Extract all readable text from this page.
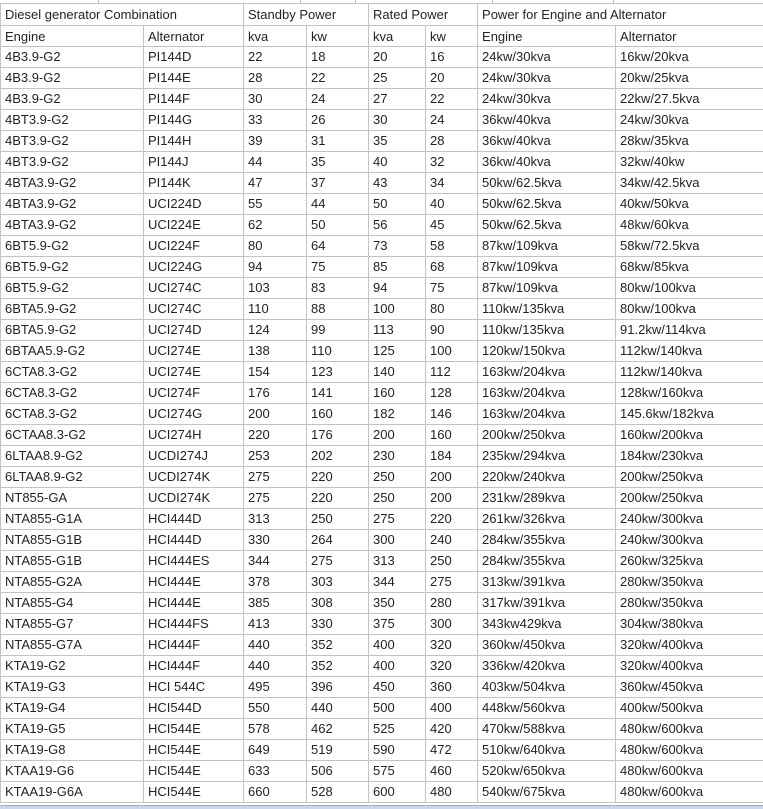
Diesel generator Combination		Standby Power		Rated Power		Power for Engine and Alternator	
Engine	Alternator	kva	kw	kva	kw	Engine	Alternator
4B3.9-G2	PI144D	22	18	20	16	24kw/30kva	16kw/20kva
4B3.9-G2	PI144E	28	22	25	20	24kw/30kva	20kw/25kva
4B3.9-G2	PI144F	30	24	27	22	24kw/30kva	22kw/27.5kva
4BT3.9-G2	PI144G	33	26	30	24	36kw/40kva	24kw/30kva
4BT3.9-G2	PI144H	39	31	35	28	36kw/40kva	28kw/35kva
4BT3.9-G2	PI144J	44	35	40	32	36kw/40kva	32kw/40kw
4BTA3.9-G2	PI144K	47	37	43	34	50kw/62.5kva	34kw/42.5kva
4BTA3.9-G2	UCI224D	55	44	50	40	50kw/62.5kva	40kw/50kva
4BTA3.9-G2	UCI224E	62	50	56	45	50kw/62.5kva	48kw/60kva
6BT5.9-G2	UCI224F	80	64	73	58	87kw/109kva	58kw/72.5kva
6BT5.9-G2	UCI224G	94	75	85	68	87kw/109kva	68kw/85kva
6BT5.9-G2	UCI274C	103	83	94	75	87kw/109kva	80kw/100kva
6BTA5.9-G2	UCI274C	110	88	100	80	110kw/135kva	80kw/100kva
6BTA5.9-G2	UCI274D	124	99	113	90	110kw/135kva	91.2kw/114kva
6BTAA5.9-G2	UCI274E	138	110	125	100	120kw/150kva	112kw/140kva
6CTA8.3-G2	UCI274E	154	123	140	112	163kw/204kva	112kw/140kva
6CTA8.3-G2	UCI274F	176	141	160	128	163kw/204kva	128kw/160kva
6CTA8.3-G2	UCI274G	200	160	182	146	163kw/204kva	145.6kw/182kva
6CTAA8.3-G2	UCI274H	220	176	200	160	200kw/250kva	160kw/200kva
6LTAA8.9-G2	UCDI274J	253	202	230	184	235kw/294kva	184kw/230kva
6LTAA8.9-G2	UCDI274K	275	220	250	200	220kw/240kva	200kw/250kva
NT855-GA	UCDI274K	275	220	250	200	231kw/289kva	200kw/250kva
NTA855-G1A	HCI444D	313	250	275	220	261kw/326kva	240kw/300kva
NTA855-G1B	HCI444D	330	264	300	240	284kw/355kva	240kw/300kva
NTA855-G1B	HCI444ES	344	275	313	250	284kw/355kva	260kw/325kva
NTA855-G2A	HCI444E	378	303	344	275	313kw/391kva	280kw/350kva
NTA855-G4	HCI444E	385	308	350	280	317kw/391kva	280kw/350kva
NTA855-G7	HCI444FS	413	330	375	300	343kw429kva	304kw/380kva
NTA855-G7A	HCI444F	440	352	400	320	360kw/450kva	320kw/400kva
KTA19-G2	HCI444F	440	352	400	320	336kw/420kva	320kw/400kva
KTA19-G3	HCI 544C	495	396	450	360	403kw/504kva	360kw/450kva
KTA19-G4	HCI544D	550	440	500	400	448kw/560kva	400kw/500kva
KTA19-G5	HCI544E	578	462	525	420	470kw/588kva	480kw/600kva
KTA19-G8	HCI544E	649	519	590	472	510kw/640kva	480kw/600kva
KTAA19-G6	HCI544E	633	506	575	460	520kw/650kva	480kw/600kva
KTAA19-G6A	HCI544E	660	528	600	480	540kw/675kva	480kw/600kva
